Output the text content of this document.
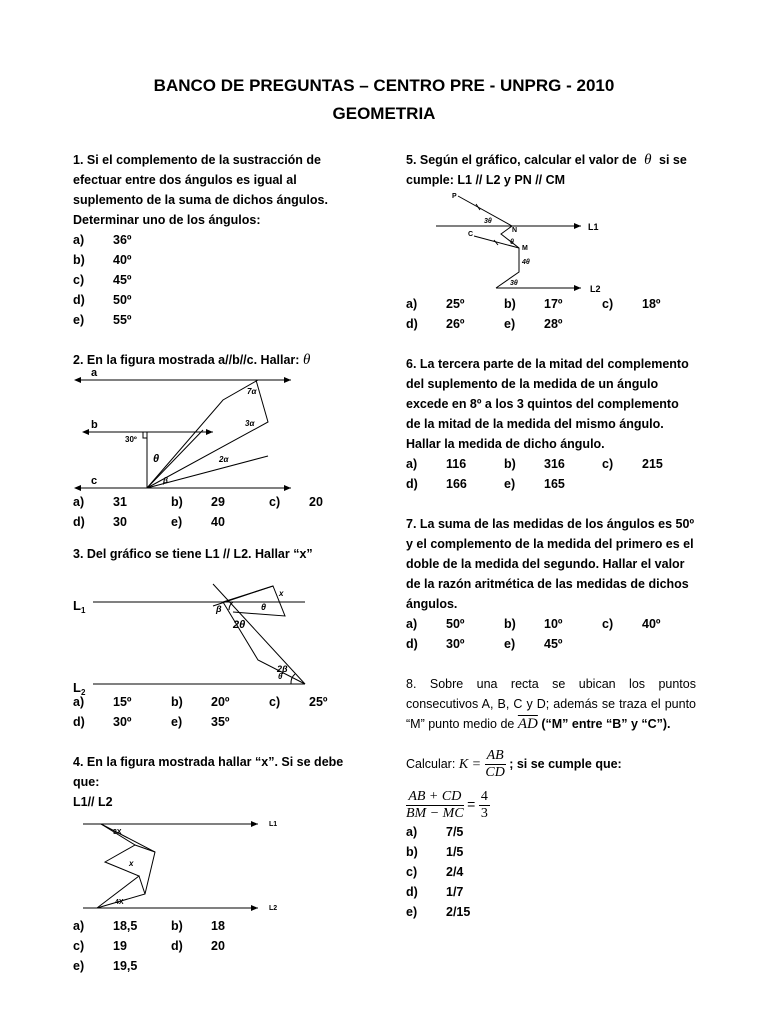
BANCO DE PREGUNTAS – CENTRO PRE - UNPRG - 2010
GEOMETRIA

1. Si el complemento de la sustracción de efectuar entre dos ángulos es igual al suplemento de la suma de dichos ángulos. Determinar uno de los ángulos:

a)	36º
b)	40º
c)	45º
d)	50º
e)	55º

2. En la figura mostrada a//b//c. Hallar: θ

a
b
c
30º
θ
β
7α
3α
2α
a)	31	b)	29	c)	20
d)	30	e)	40

3. Del gráfico se tiene L1 // L2. Hallar “x”

L 1
L 2
β	θ
2θ
2β
θ
x
a)	15º	b)	20º	c)	25º
d)	30º	e)	35º

4. En la figura mostrada hallar “x”. Si se debe que:

L1// L2

3X
x
4X
L1
L2
a)	18,5	b)	18
c)	19	d)	20
e)	19,5

5. Según el gráfico, calcular el valor de θ si se cumple: L1 // L2 y PN // CM

P
N
C
M
3θ
θ
4θ
3θ
L1
L2
a)	25º	b)	17º	c)	18º
d)	26º	e)	28º

6. La tercera parte de la mitad del complemento del suplemento de la medida de un ángulo excede en 8º a los 3 quintos del complemento de la mitad de la medida del mismo ángulo. Hallar la medida de dicho ángulo.

a)	116	b)	316	c)	215
d)	166	e)	165

7. La suma de las medidas de los ángulos es 50º y el complemento de la medida del primero es el doble de la medida del segundo. Hallar el valor de la razón aritmética de las medidas de dichos ángulos.

a)	50º	b)	10º	c)	40º
d)	30º	e)	45º

8. Sobre una recta se ubican los puntos consecutivos A, B, C y D; además se traza el punto “M” punto medio de $\overline{AD}$ (“M” entre “B” y “C”).

Calcular: $K = \frac{AB}{CD}$ ; si se cumple que:
$\frac{AB + CD}{BM - MC} = \frac{4}{3}$
a)	7/5
b)	1/5
c)	2/4
d)	1/7
e)	2/15
